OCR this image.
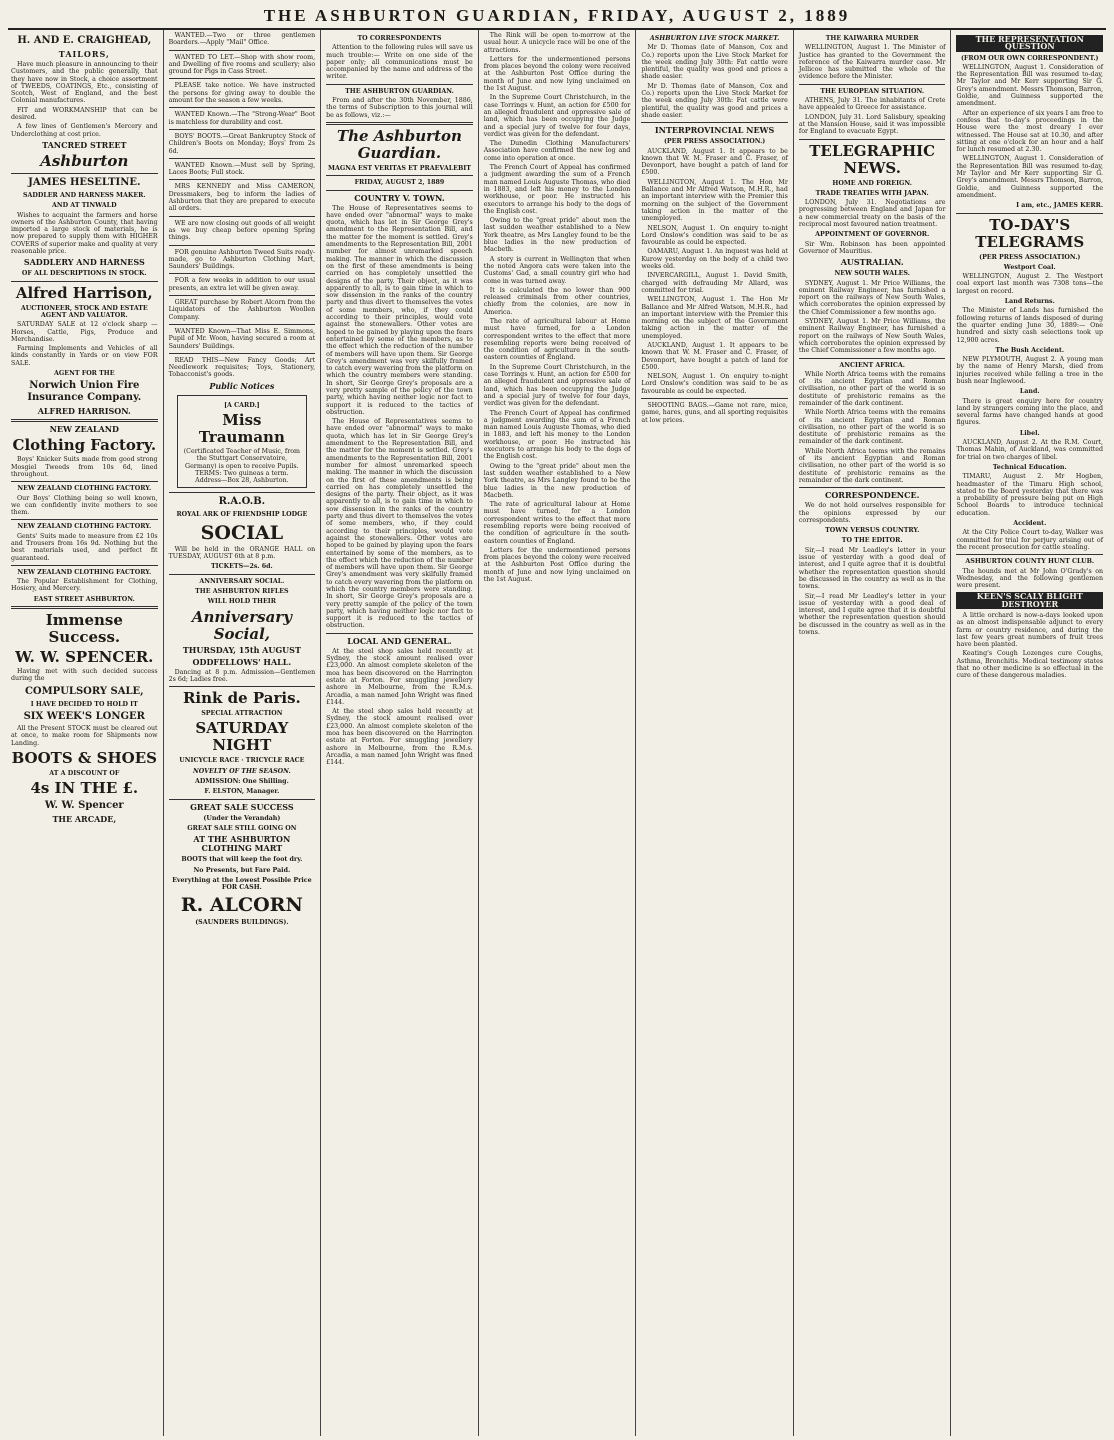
THE ASHBURTON GUARDIAN, FRIDAY, AUGUST 2, 1889
H. AND E. CRAIGHEAD,
TAILORS,

Have much pleasure in announcing to their Customers, and the public generally, that they have now in Stock, a choice assortment of TWEEDS, COATINGS, Etc., consisting of Scotch, West of England, and the best Colonial manufactures.

FIT and WORKMANSHIP that can be desired.

A few lines of Gentlemen's Mercery and Underclothing at cost price.

TANCRED STREET
Ashburton
JAMES HESELTINE.
SADDLER AND HARNESS MAKER.
AND AT TINWALD

Wishes to acquaint the farmers and horse owners of the Ashburton County, that having imported a large stock of materials, he is now prepared to supply them with HIGHER COVERS of superior make and quality at very reasonable price.

SADDLERY AND HARNESS
OF ALL DESCRIPTIONS IN STOCK.
Alfred Harrison,
AUCTIONEER, STOCK AND ESTATE AGENT AND VALUATOR.

SATURDAY SALE at 12 o'clock sharp — Horses, Cattle, Pigs, Produce and Merchandise.

Farming Implements and Vehicles of all kinds constantly in Yards or on view FOR SALE.

AGENT FOR THE
Norwich Union Fire Insurance Company.
ALFRED HARRISON.
NEW ZEALAND
Clothing Factory.

Boys' Knicker Suits made from good strong Mosgiel Tweeds from 10s 6d, lined throughout.

NEW ZEALAND CLOTHING FACTORY.

Our Boys' Clothing being so well known, we can confidently invite mothers to see them.

NEW ZEALAND CLOTHING FACTORY.

Gents' Suits made to measure from £2 10s and Trousers from 16s 9d. Nothing but the best materials used, and perfect fit guaranteed.

NEW ZEALAND CLOTHING FACTORY.

The Popular Establishment for Clothing, Hosiery, and Mercery.

EAST STREET ASHBURTON.
Immense Success.
W. W. SPENCER.

Having met with such decided success during the

COMPULSORY SALE,
I HAVE DECIDED TO HOLD IT
SIX WEEK'S LONGER

All the Present STOCK must be cleared out at once, to make room for Shipments now Landing.

BOOTS & SHOES
AT A DISCOUNT OF
4s IN THE £.
W. W. Spencer
THE ARCADE,

WANTED.—Two or three gentlemen Boarders.—Apply "Mail" Office.

WANTED TO LET.—Shop with show room, and Dwelling of five rooms and scullery; also ground for Pigs in Cass Street.

PLEASE take notice. We have instructed the persons for giving away to double the amount for the season a few weeks.

WANTED Known.—The "Strong-Wear" Boot is matchless for durability and cost.

BOYS' BOOTS.—Great Bankruptcy Stock of Children's Boots on Monday; Boys' from 2s 6d.

WANTED Known.—Must sell by Spring, Laces Boots; Full stock.

MRS KENNEDY and Miss CAMERON, Dressmakers, beg to inform the ladies of Ashburton that they are prepared to execute all orders.

WE are now closing out goods of all weight as we buy cheap before opening Spring things.

FOR genuine Ashburton Tweed Suits ready-made, go to Ashburton Clothing Mart, Saunders' Buildings.

FOR a few weeks in addition to our usual presents, an extra let will be given away.

GREAT purchase by Robert Alcorn from the Liquidators of the Ashburton Woollen Company.

WANTED Known—That Miss E. Simmons, Pupil of Mr. Woon, having secured a room at Saunders' Buildings.

READ THIS—New Fancy Goods; Art Needlework requisites; Toys, Stationery, Tobacconist's goods.

Public Notices
[A CARD.]
Miss Traumann
(Certificated Teacher of Music, from the Stuttgart Conservatoire, Germany) is open to receive Pupils.
TERMS: Two guineas a term.
Address—Box 28, Ashburton.
R.A.O.B.
ROYAL ARK OF FRIENDSHIP LODGE
SOCIAL

Will be held in the ORANGE HALL on TUESDAY, AUGUST 6th at 8 p.m.

TICKETS—2s. 6d.
ANNIVERSARY SOCIAL.
THE ASHBURTON RIFLES
WILL HOLD THEIR
Anniversary Social,
THURSDAY, 15th AUGUST
ODDFELLOWS' HALL.

Dancing at 8 p.m. Admission—Gentlemen 2s 6d; Ladies free.

Rink de Paris.
SPECIAL ATTRACTION
SATURDAY NIGHT
UNICYCLE RACE · TRICYCLE RACE
NOVELTY OF THE SEASON.
ADMISSION: One Shilling.
F. ELSTON, Manager.
GREAT SALE SUCCESS
(Under the Verandah)
GREAT SALE STILL GOING ON
AT THE ASHBURTON CLOTHING MART
BOOTS that will keep the foot dry.
No Presents, but Fare Paid.
Everything at the Lowest Possible Price FOR CASH.
R. ALCORN
(SAUNDERS BUILDINGS).
TO CORRESPONDENTS

Attention to the following rules will save us much trouble:— Write on one side of the paper only; all communications must be accompanied by the name and address of the writer.

THE ASHBURTON GUARDIAN.

From and after the 30th November, 1886, the terms of Subscription to this journal will be as follows, viz.:—

The Ashburton Guardian.
MAGNA EST VERITAS ET PRAEVALEBIT
FRIDAY, AUGUST 2, 1889
COUNTRY V. TOWN.

The House of Representatives seems to have ended over "abnormal" ways to make quota, which has let in Sir George Grey's amendment to the Representation Bill, and the matter for the moment is settled. Grey's amendments to the Representation Bill, 2001 number for almost unremarked speech making. The manner in which the discussion on the first of these amendments is being carried on has completely unsettled the designs of the party. Their object, as it was apparently to all, is to gain time in which to sow dissension in the ranks of the country party and thus divert to themselves the votes of some members, who, if they could according to their principles, would vote against the stonewallers. Other votes are hoped to be gained by playing upon the fears entertained by some of the members, as to the effect which the reduction of the number of members will have upon them. Sir George Grey's amendment was very skilfully framed to catch every wavering from the platform on which the country members were standing. In short, Sir George Grey's proposals are a very pretty sample of the policy of the town party, which having neither logic nor fact to support it is reduced to the tactics of obstruction.

The House of Representatives seems to have ended over "abnormal" ways to make quota, which has let in Sir George Grey's amendment to the Representation Bill, and the matter for the moment is settled. Grey's amendments to the Representation Bill, 2001 number for almost unremarked speech making. The manner in which the discussion on the first of these amendments is being carried on has completely unsettled the designs of the party. Their object, as it was apparently to all, is to gain time in which to sow dissension in the ranks of the country party and thus divert to themselves the votes of some members, who, if they could according to their principles, would vote against the stonewallers. Other votes are hoped to be gained by playing upon the fears entertained by some of the members, as to the effect which the reduction of the number of members will have upon them. Sir George Grey's amendment was very skilfully framed to catch every wavering from the platform on which the country members were standing. In short, Sir George Grey's proposals are a very pretty sample of the policy of the town party, which having neither logic nor fact to support it is reduced to the tactics of obstruction.

LOCAL AND GENERAL.

At the steel shop sales held recently at Sydney, the stock amount realised over £23,000. An almost complete skeleton of the moa has been discovered on the Harrington estate at Forton. For smuggling jewellery ashore in Melbourne, from the R.M.s. Arcadia, a man named John Wright was fined £144.

At the steel shop sales held recently at Sydney, the stock amount realised over £23,000. An almost complete skeleton of the moa has been discovered on the Harrington estate at Forton. For smuggling jewellery ashore in Melbourne, from the R.M.s. Arcadia, a man named John Wright was fined £144.

The Rink will be open to-morrow at the usual hour. A unicycle race will be one of the attractions.

Letters for the undermentioned persons from places beyond the colony were received at the Ashburton Post Office during the month of June and now lying unclaimed on the 1st August.

In the Supreme Court Christchurch, in the case Torrings v. Hunt, an action for £500 for an alleged fraudulent and oppressive sale of land, which has been occupying the Judge and a special jury of twelve for four days, verdict was given for the defendant.

The Dunedin Clothing Manufacturers' Association have confirmed the new log and come into operation at once.

The French Court of Appeal has confirmed a judgment awarding the sum of a French man named Louis Auguste Thomas, who died in 1883, and left his money to the London workhouse, or poor. He instructed his executors to arrange his body to the dogs of the English cost.

Owing to the "great pride" about men the last sudden weather established to a New York theatre, as Mrs Langley found to be the blue ladies in the new production of Macbeth.

A story is current in Wellington that when the noted Angora cats were taken into the Customs' Gad, a small country girl who had come in was turned away.

It is calculated the no lower than 900 released criminals from other countries, chiefly from the colonies, are now in America.

The rate of agricultural labour at Home must have turned, for a London correspondent writes to the effect that more resembling reports were being received of the condition of agriculture in the south-eastern counties of England.

In the Supreme Court Christchurch, in the case Torrings v. Hunt, an action for £500 for an alleged fraudulent and oppressive sale of land, which has been occupying the Judge and a special jury of twelve for four days, verdict was given for the defendant.

The French Court of Appeal has confirmed a judgment awarding the sum of a French man named Louis Auguste Thomas, who died in 1883, and left his money to the London workhouse, or poor. He instructed his executors to arrange his body to the dogs of the English cost.

Owing to the "great pride" about men the last sudden weather established to a New York theatre, as Mrs Langley found to be the blue ladies in the new production of Macbeth.

The rate of agricultural labour at Home must have turned, for a London correspondent writes to the effect that more resembling reports were being received of the condition of agriculture in the south-eastern counties of England.

Letters for the undermentioned persons from places beyond the colony were received at the Ashburton Post Office during the month of June and now lying unclaimed on the 1st August.

ASHBURTON LIVE STOCK MARKET.

Mr D. Thomas (late of Manson, Cox and Co.) reports upon the Live Stock Market for the week ending July 30th: Fat cattle were plentiful, the quality was good and prices a shade easier.

Mr D. Thomas (late of Manson, Cox and Co.) reports upon the Live Stock Market for the week ending July 30th: Fat cattle were plentiful, the quality was good and prices a shade easier.

INTERPROVINCIAL NEWS
(PER PRESS ASSOCIATION.)

AUCKLAND, August 1. It appears to be known that W. M. Fraser and C. Fraser, of Devonport, have bought a patch of land for £500.

WELLINGTON, August 1. The Hon Mr Ballance and Mr Alfred Watson, M.H.R., had an important interview with the Premier this morning on the subject of the Government taking action in the matter of the unemployed.

NELSON, August 1. On enquiry to-night Lord Onslow's condition was said to be as favourable as could be expected.

OAMARU, August 1. An inquest was held at Kurow yesterday on the body of a child two weeks old.

INVERCARGILL, August 1. David Smith, charged with defrauding Mr Allard, was committed for trial.

WELLINGTON, August 1. The Hon Mr Ballance and Mr Alfred Watson, M.H.R., had an important interview with the Premier this morning on the subject of the Government taking action in the matter of the unemployed.

AUCKLAND, August 1. It appears to be known that W. M. Fraser and C. Fraser, of Devonport, have bought a patch of land for £500.

NELSON, August 1. On enquiry to-night Lord Onslow's condition was said to be as favourable as could be expected.

SHOOTING BAGS.—Game not rare, mice, game, hares, guns, and all sporting requisites at low prices.

THE KAIWARRA MURDER

WELLINGTON, August 1. The Minister of Justice has granted to the Government the reference of the Kaiwarra murder case. Mr Jellicoe has submitted the whole of the evidence before the Minister.

THE EUROPEAN SITUATION.

ATHENS, July 31. The inhabitants of Crete have appealed to Greece for assistance.

LONDON, July 31. Lord Salisbury, speaking at the Mansion House, said it was impossible for England to evacuate Egypt.

TELEGRAPHIC NEWS.
HOME AND FOREIGN.
TRADE TREATIES WITH JAPAN.

LONDON, July 31. Negotiations are progressing between England and Japan for a new commercial treaty on the basis of the reciprocal most favoured nation treatment.

APPOINTMENT OF GOVERNOR.

Sir Wm. Robinson has been appointed Governor of Mauritius.

AUSTRALIAN.
NEW SOUTH WALES.

SYDNEY, August 1. Mr Price Williams, the eminent Railway Engineer, has furnished a report on the railways of New South Wales, which corroborates the opinion expressed by the Chief Commissioner a few months ago.

SYDNEY, August 1. Mr Price Williams, the eminent Railway Engineer, has furnished a report on the railways of New South Wales, which corroborates the opinion expressed by the Chief Commissioner a few months ago.

ANCIENT AFRICA.

While North Africa teems with the remains of its ancient Egyptian and Roman civilisation, no other part of the world is so destitute of prehistoric remains as the remainder of the dark continent.

While North Africa teems with the remains of its ancient Egyptian and Roman civilisation, no other part of the world is so destitute of prehistoric remains as the remainder of the dark continent.

While North Africa teems with the remains of its ancient Egyptian and Roman civilisation, no other part of the world is so destitute of prehistoric remains as the remainder of the dark continent.

CORRESPONDENCE.

We do not hold ourselves responsible for the opinions expressed by our correspondents.

TOWN VERSUS COUNTRY.
TO THE EDITOR.

Sir,—I read Mr Leadley's letter in your issue of yesterday with a good deal of interest, and I quite agree that it is doubtful whether the representation question should be discussed in the country as well as in the towns.

Sir,—I read Mr Leadley's letter in your issue of yesterday with a good deal of interest, and I quite agree that it is doubtful whether the representation question should be discussed in the country as well as in the towns.

THE REPRESENTATION QUESTION
(FROM OUR OWN CORRESPONDENT.)

WELLINGTON, August 1. Consideration of the Representation Bill was resumed to-day, Mr Taylor and Mr Kerr supporting Sir G. Grey's amendment. Messrs Thomson, Barron, Goldie, and Guinness supported the amendment.

After an experience of six years I am free to confess that to-day's proceedings in the House were the most dreary I ever witnessed. The House sat at 10.30, and after sitting at one o'clock for an hour and a half for lunch resumed at 2.30.

WELLINGTON, August 1. Consideration of the Representation Bill was resumed to-day, Mr Taylor and Mr Kerr supporting Sir G. Grey's amendment. Messrs Thomson, Barron, Goldie, and Guinness supported the amendment.

I am, etc., JAMES KERR.
TO-DAY'S TELEGRAMS
(PER PRESS ASSOCIATION.)
Westport Coal.

WELLINGTON, August 2. The Westport coal export last month was 7308 tons—the largest on record.

Land Returns.

The Minister of Lands has furnished the following returns of lands disposed of during the quarter ending June 30, 1889:— One hundred and sixty cash selections took up 12,900 acres.

The Bush Accident.

NEW PLYMOUTH, August 2. A young man by the name of Henry Marsh, died from injuries received while felling a tree in the bush near Inglewood.

Land.

There is great enquiry here for country land by strangers coming into the place, and several farms have changed hands at good figures.

Libel.

AUCKLAND, August 2. At the R.M. Court, Thomas Mahin, of Auckland, was committed for trial on two charges of libel.

Technical Education.

TIMARU, August 2. Mr Hogben, headmaster of the Timaru High school, stated to the Board yesterday that there was a probability of pressure being put on High School Boards to introduce technical education.

Accident.

At the City Police Court to-day, Walker was committed for trial for perjury arising out of the recent prosecution for cattle stealing.

ASHBURTON COUNTY HUNT CLUB.

The hounds met at Mr John O'Grady's on Wednesday, and the following gentlemen were present.

KEEN'S SCALY BLIGHT DESTROYER

A little orchard is now-a-days looked upon as an almost indispensable adjunct to every farm or country residence, and during the last few years great numbers of fruit trees have been planted.

Keating's Cough Lozenges cure Coughs, Asthma, Bronchitis. Medical testimony states that no other medicine is so effectual in the cure of these dangerous maladies.
